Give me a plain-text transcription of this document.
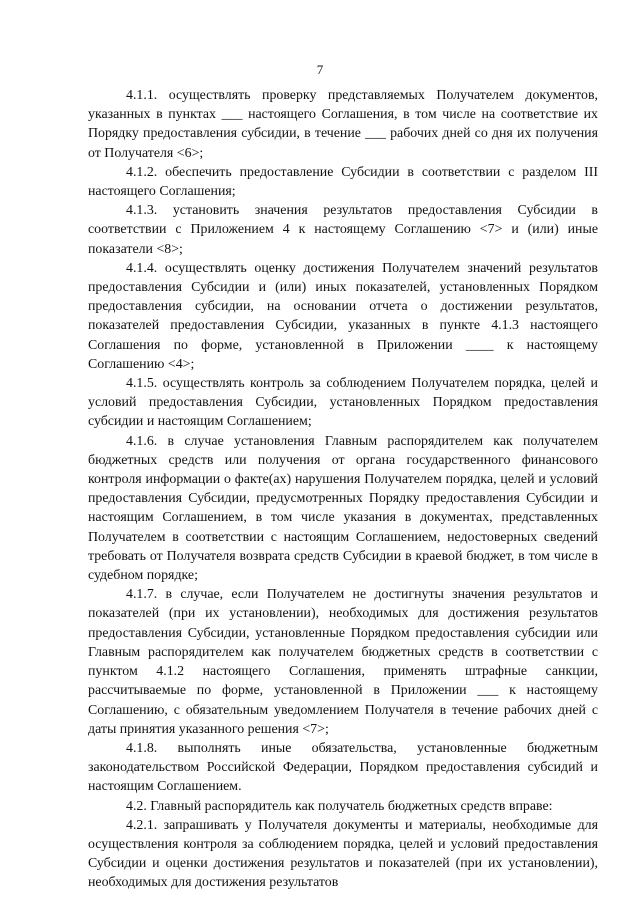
7

4.1.1. осуществлять проверку представляемых Получателем документов, указанных в пунктах ___ настоящего Соглашения, в том числе на соответствие их Порядку предоставления субсидии, в течение ___ рабочих дней со дня их получения от Получателя <6>;

4.1.2. обеспечить предоставление Субсидии в соответствии с разделом III настоящего Соглашения;

4.1.3. установить значения результатов предоставления Субсидии в соответствии с Приложением 4 к настоящему Соглашению <7> и (или) иные показатели <8>;

4.1.4. осуществлять оценку достижения Получателем значений результатов предоставления Субсидии и (или) иных показателей, установленных Порядком предоставления субсидии, на основании отчета о достижении результатов, показателей предоставления Субсидии, указанных в пункте 4.1.3 настоящего Соглашения по форме, установленной в Приложении ____ к настоящему Соглашению <4>;

4.1.5. осуществлять контроль за соблюдением Получателем порядка, целей и условий предоставления Субсидии, установленных Порядком предоставления субсидии и настоящим Соглашением;

4.1.6. в случае установления Главным распорядителем как получателем бюджетных средств или получения от органа государственного финансового контроля информации о факте(ах) нарушения Получателем порядка, целей и условий предоставления Субсидии, предусмотренных Порядку предоставления Субсидии и настоящим Соглашением, в том числе указания в документах, представленных Получателем в соответствии с настоящим Соглашением, недостоверных сведений требовать от Получателя возврата средств Субсидии в краевой бюджет, в том числе в судебном порядке;

4.1.7. в случае, если Получателем не достигнуты значения результатов и показателей (при их установлении), необходимых для достижения результатов предоставления Субсидии, установленные Порядком предоставления субсидии или Главным распорядителем как получателем бюджетных средств в соответствии с пунктом 4.1.2 настоящего Соглашения, применять штрафные санкции, рассчитываемые по форме, установленной в Приложении ___ к настоящему Соглашению, с обязательным уведомлением Получателя в течение рабочих дней с даты принятия указанного решения <7>;

4.1.8. выполнять иные обязательства, установленные бюджетным законодательством Российской Федерации, Порядком предоставления субсидий и настоящим Соглашением.

4.2. Главный распорядитель как получатель бюджетных средств вправе:

4.2.1. запрашивать у Получателя документы и материалы, необходимые для осуществления контроля за соблюдением порядка, целей и условий предоставления Субсидии и оценки достижения результатов и показателей (при их установлении), необходимых для достижения результатов
